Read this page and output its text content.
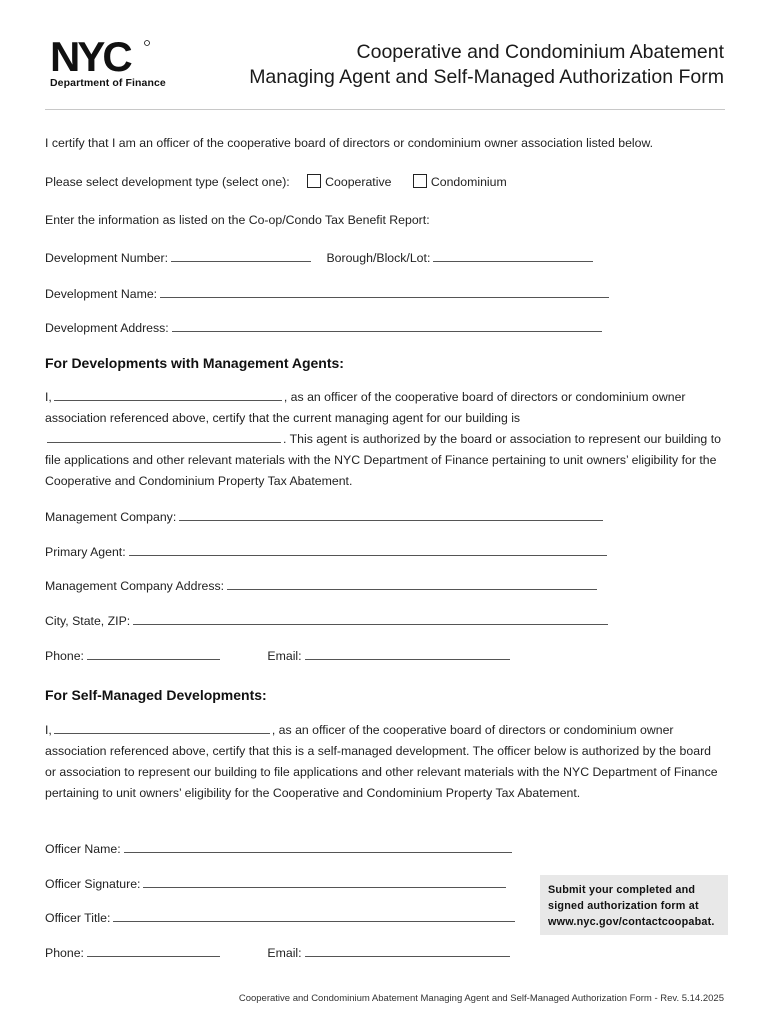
NYC
Department of Finance
Cooperative and Condominium Abatement
Managing Agent and Self-Managed Authorization Form
I certify that I am an officer of the cooperative board of directors or condominium owner association listed below.
Please select development type (select one):	Cooperative	Condominium
Enter the information as listed on the Co-op/Condo Tax Benefit Report:
Development Number:	Borough/Block/Lot:
Development Name:
Development Address:
For Developments with Management Agents:
I,	, as an officer of the cooperative board of directors or condominium owner association referenced above, certify that the current managing agent for our building is. This agent is authorized by the board or association to represent our building to file applications and other relevant materials with the NYC Department of Finance pertaining to unit owners’ eligibility for the Cooperative and Condominium Property Tax Abatement.
Management Company:
Primary Agent:
Management Company Address:
City, State, ZIP:
Phone:	Email:
For Self-Managed Developments:
I,	, as an officer of the cooperative board of directors or condominium owner association referenced above, certify that this is a self-managed development. The officer below is authorized by the board or association to represent our building to file applications and other relevant materials with the NYC Department of Finance pertaining to unit owners’ eligibility for the Cooperative and Condominium Property Tax Abatement.
Officer Name:
Officer Signature:
Officer Title:
Phone:	Email:
Submit your completed and
signed authorization form at
www.nyc.gov/contactcoopabat.
Cooperative and Condominium Abatement Managing Agent and Self-Managed Authorization Form - Rev. 5.14.2025
